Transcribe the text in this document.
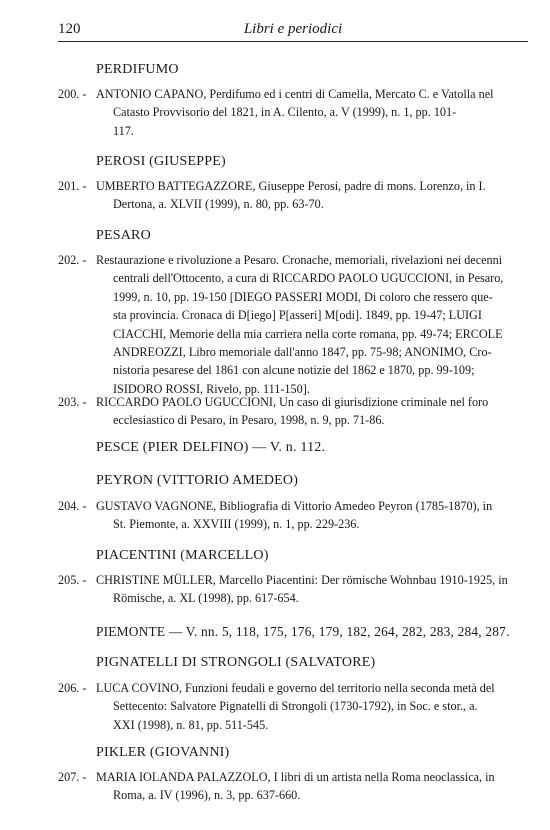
120	Libri e periodici
PERDIFUMO
200. - ANTONIO CAPANO, Perdifumo ed i centri di Camella, Mercato C. e Vatolla nel
Catasto Provvisorio del 1821, in A. Cilento, a. V (1999), n. 1, pp. 101-
117.
PEROSI (GIUSEPPE)
201. - UMBERTO BATTEGAZZORE, Giuseppe Perosi, padre di mons. Lorenzo, in I.
Dertona, a. XLVII (1999), n. 80, pp. 63-70.
PESARO
202. - Restaurazione e rivoluzione a Pesaro. Cronache, memoriali, rivelazioni nei decenni
centrali dell'Ottocento, a cura di RICCARDO PAOLO UGUCCIONI, in Pesaro,
1999, n. 10, pp. 19-150 [DIEGO PASSERI MODI, Di coloro che ressero que-
sta provincia. Cronaca di D[iego] P[asseri] M[odi]. 1849, pp. 19-47; LUIGI
CIACCHI, Memorie della mia carriera nella corte romana, pp. 49-74; ERCOLE
ANDREOZZI, Libro memoriale dall'anno 1847, pp. 75-98; ANONIMO, Cro-
nistoria pesarese del 1861 con alcune notizie del 1862 e 1870, pp. 99-109;
ISIDORO ROSSI, Rivelo, pp. 111-150].
203. - RICCARDO PAOLO UGUCCIONI, Un caso di giurisdizione criminale nel foro
ecclesiastico di Pesaro, in Pesaro, 1998, n. 9, pp. 71-86.
PESCE (PIER DELFINO) — V. n. 112.
PEYRON (VITTORIO AMEDEO)
204. - GUSTAVO VAGNONE, Bibliografia di Vittorio Amedeo Peyron (1785-1870), in
St. Piemonte, a. XXVIII (1999), n. 1, pp. 229-236.
PIACENTINI (MARCELLO)
205. - CHRISTINE MÜLLER, Marcello Piacentini: Der römische Wohnbau 1910-1925, in
Römische, a. XL (1998), pp. 617-654.
PIEMONTE — V. nn. 5, 118, 175, 176, 179, 182, 264, 282, 283, 284, 287.
PIGNATELLI DI STRONGOLI (SALVATORE)
206. - LUCA COVINO, Funzioni feudali e governo del territorio nella seconda metà del
Settecento: Salvatore Pignatelli di Strongoli (1730-1792), in Soc. e stor., a.
XXI (1998), n. 81, pp. 511-545.
PIKLER (GIOVANNI)
207. - MARIA IOLANDA PALAZZOLO, I libri di un artista nella Roma neoclassica, in
Roma, a. IV (1996), n. 3, pp. 637-660.
